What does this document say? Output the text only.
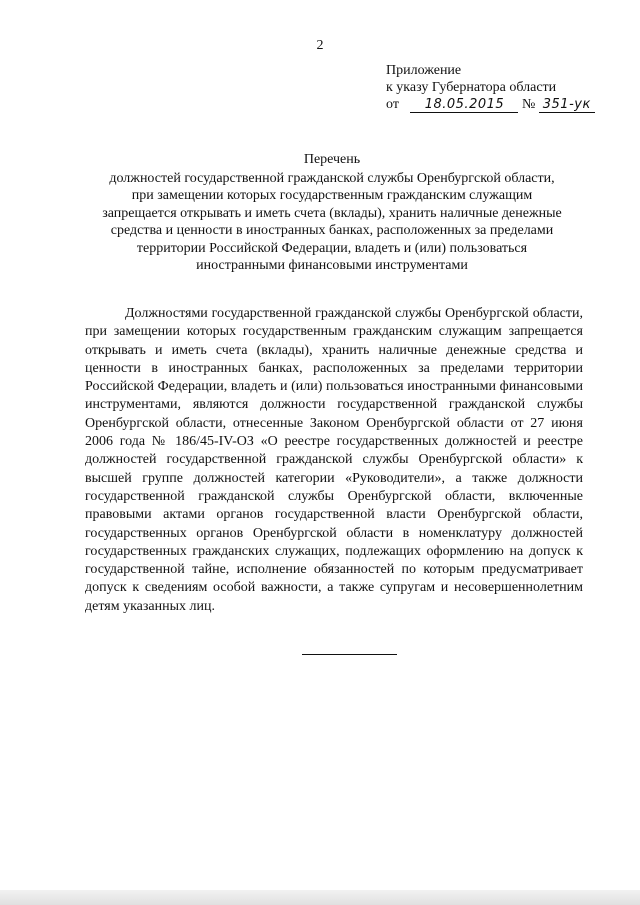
2
Приложение
к указу Губернатора области
от 18.05.2015 № 351-ук
Перечень
должностей государственной гражданской службы Оренбургской области,
при замещении которых государственным гражданским служащим
запрещается открывать и иметь счета (вклады), хранить наличные денежные
средства и ценности в иностранных банках, расположенных за пределами
территории Российской Федерации, владеть и (или) пользоваться
иностранными финансовыми инструментами
Должностями государственной гражданской службы Оренбургской области, при замещении которых государственным гражданским служащим запрещается открывать и иметь счета (вклады), хранить наличные денежные средства и ценности в иностранных банках, расположенных за пределами территории Российской Федерации, владеть и (или) пользоваться иностранными финансовыми инструментами, являются должности государственной гражданской службы Оренбургской области, отнесенные Законом Оренбургской области от 27 июня 2006 года № 186/45-IV-ОЗ «О реестре государственных должностей и реестре должностей государственной гражданской службы Оренбургской области» к высшей группе должностей категории «Руководители», а также должности государственной гражданской службы Оренбургской области, включенные правовыми актами органов государственной власти Оренбургской области, государственных органов Оренбургской области в номенклатуру должностей государственных гражданских служащих, подлежащих оформлению на допуск к государственной тайне, исполнение обязанностей по которым предусматривает допуск к сведениям особой важности, а также супругам и несовершеннолетним детям указанных лиц.
